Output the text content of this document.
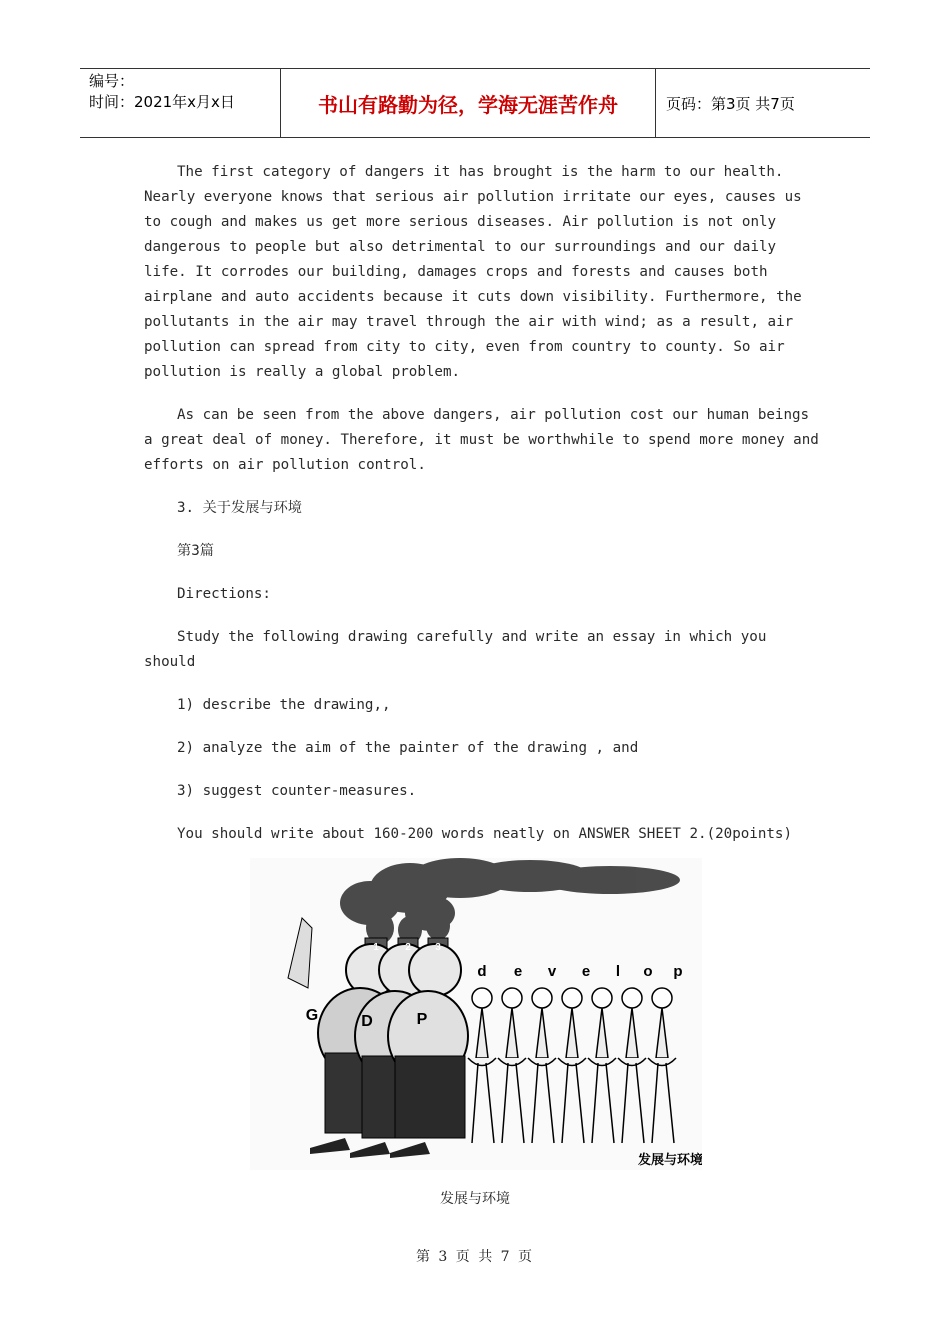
编号：
时间：2021年x月x日	书山有路勤为径，学海无涯苦作舟	页码：第3页 共7页

The first category of dangers it has brought is the harm to our health. Nearly everyone knows that serious air pollution irritate our eyes, causes us to cough and makes us get more serious diseases. Air pollution is not only dangerous to people but also detrimental to our surroundings and our daily life. It corrodes our building, damages crops and forests and causes both airplane and auto accidents because it cuts down visibility. Furthermore, the pollutants in the air may travel through the air with wind; as a result, air pollution can spread from city to city, even from country to county. So air pollution is really a global problem.

As can be seen from the above dangers, air pollution cost our human beings a great deal of money. Therefore, it must be worthwhile to spend more money and efforts on air pollution control.

3. 关于发展与环境

第3篇

Directions:

Study the following drawing carefully and write an essay in which you should

1) describe the drawing,,

2) analyze the aim of the painter of the drawing , and

3) suggest counter-measures.

You should write about 160-200 words neatly on ANSWER SHEET 2.(20points)

1	2 3
G	D	P
d e v e l o p
发展与环境
发展与环境
第 3 页 共 7 页
